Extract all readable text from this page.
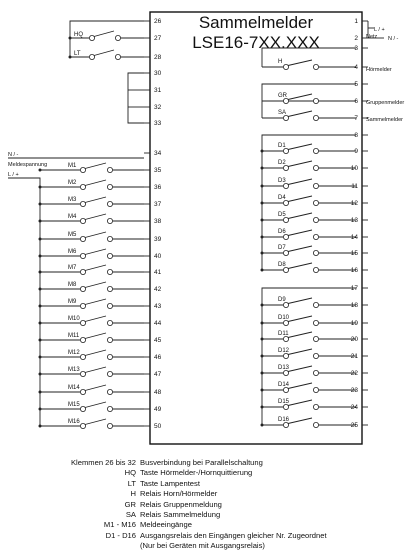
Sammelmelder
LSE16-7XX.XXX
26
27
28
30
31
32
33
34
35
36
37
38
39
40
41
42
43
44
45
46
47
48
49
50
1
2
3
4
5
6
7
8
9
10
11
12
13
14
15
16
17
18
19
20
21
22
23
24
25
HQ
LT
M1
M2
M3
M4
M5
M6
M7
M8
M9
M10
M11
M12
M13
M14
M15
M16
H
SA
GR
D1
D2
D3
D4
D5
D6
D7
D8
D9
D10
D11
D12
D13
D14
D15
D16
L / +
Netz N / -
Hörmelder
Gruppenmelder
Sammelmelder
N / -
Meldespannung
L / +
Klemmen 26 bis 32 Busverbindung bei Parallelschaltung
HQ Taste Hörmelder-/Hornquittierung
LT Taste Lampentest
H Relais Horn/Hörmelder
GR Relais Gruppenmeldung
SA Relais Sammelmeldung
M1 - M16 Meldeeingänge
D1 - D16 Ausgangsrelais den Eingängen gleicher Nr. Zugeordnet
(Nur bei Geräten mit Ausgangsrelais)
